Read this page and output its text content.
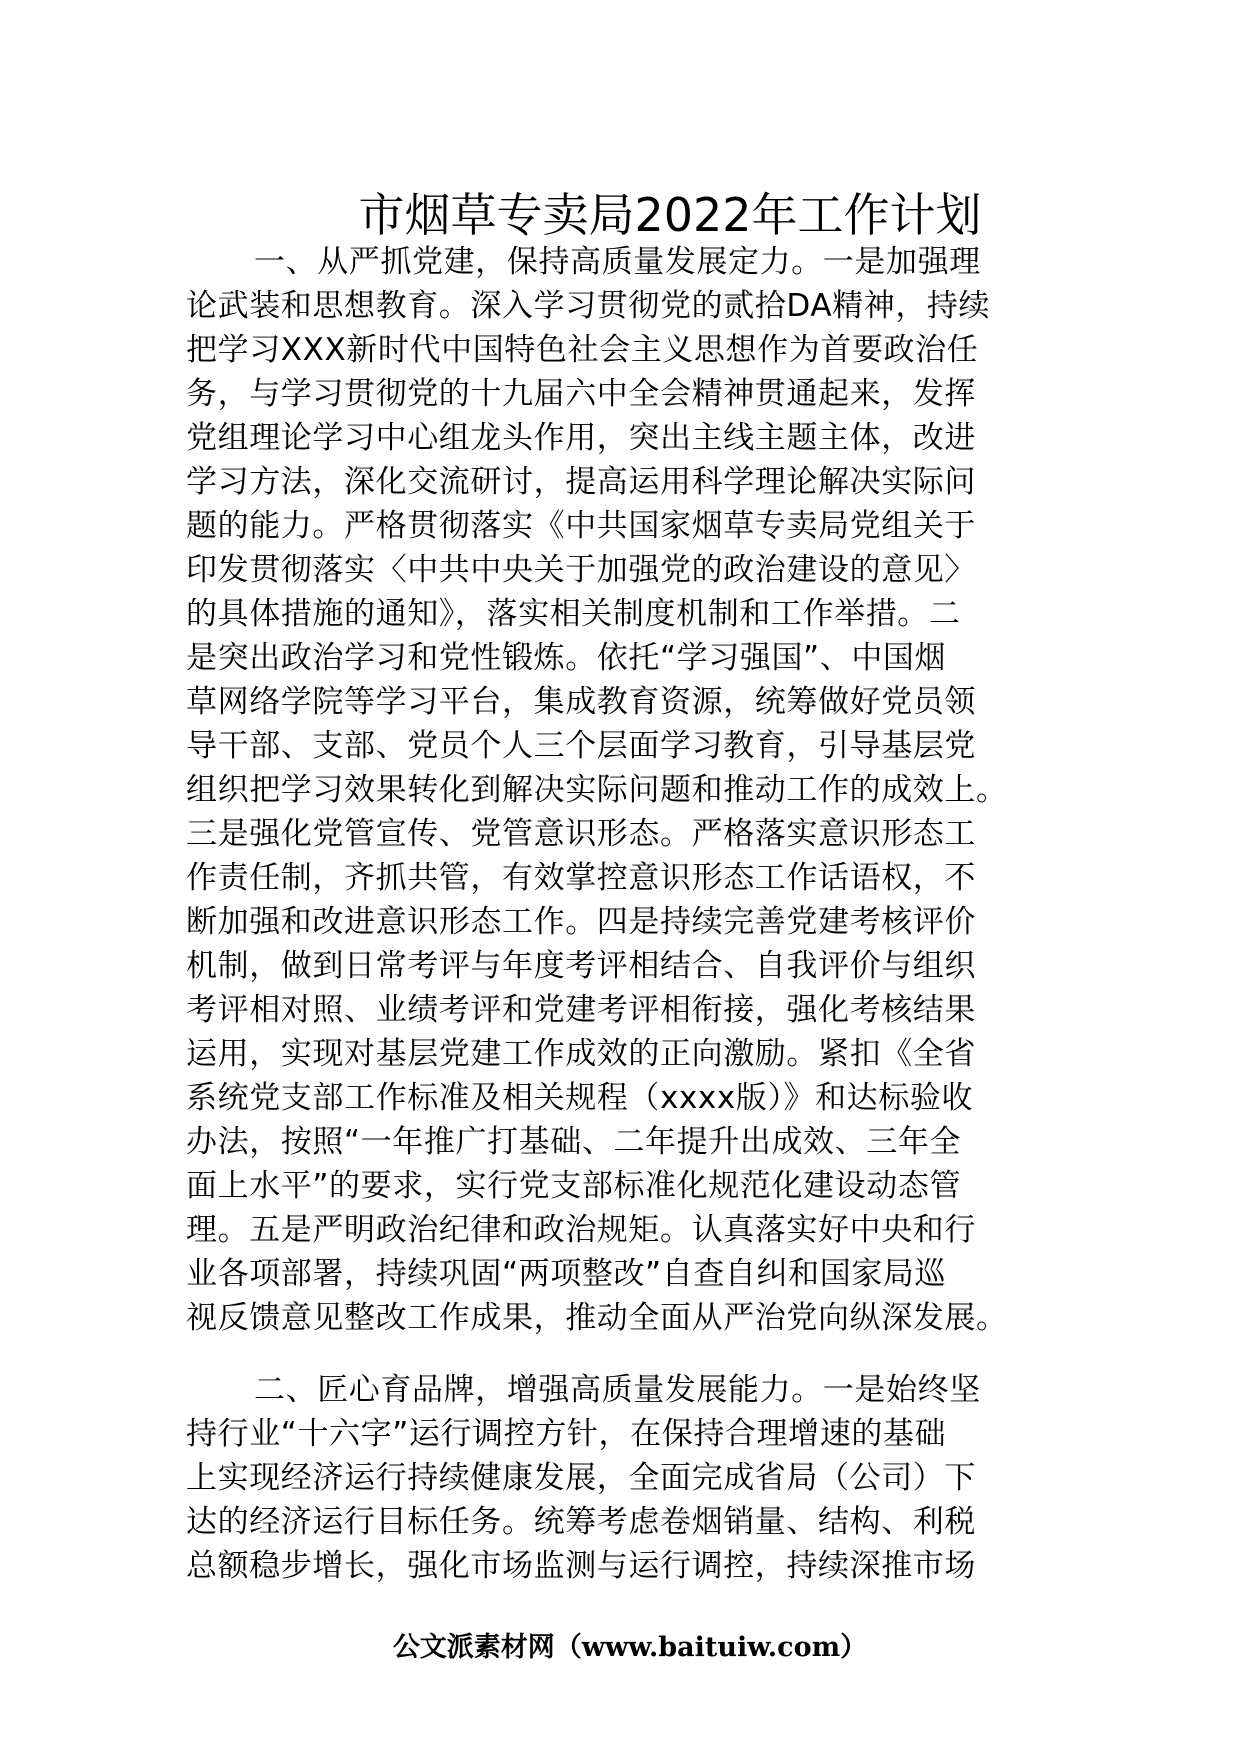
市烟草专卖局2022年工作计划
一、从严抓党建，保持高质量发展定力。一是加强理
论武装和思想教育。深入学习贯彻党的贰拾DA精神，持续
把学习XXX新时代中国特色社会主义思想作为首要政治任
务，与学习贯彻党的十九届六中全会精神贯通起来，发挥
党组理论学习中心组龙头作用，突出主线主题主体，改进
学习方法，深化交流研讨，提高运用科学理论解决实际问
题的能力。严格贯彻落实《中共国家烟草专卖局党组关于
印发贯彻落实〈中共中央关于加强党的政治建设的意见〉
的具体措施的通知》，落实相关制度机制和工作举措。二
是突出政治学习和党性锻炼。依托“学习强国”、中国烟
草网络学院等学习平台，集成教育资源，统筹做好党员领
导干部、支部、党员个人三个层面学习教育，引导基层党
组织把学习效果转化到解决实际问题和推动工作的成效上。
三是强化党管宣传、党管意识形态。严格落实意识形态工
作责任制，齐抓共管，有效掌控意识形态工作话语权，不
断加强和改进意识形态工作。四是持续完善党建考核评价
机制，做到日常考评与年度考评相结合、自我评价与组织
考评相对照、业绩考评和党建考评相衔接，强化考核结果
运用，实现对基层党建工作成效的正向激励。紧扣《全省
系统党支部工作标准及相关规程（xxxx版）》和达标验收
办法，按照“一年推广打基础、二年提升出成效、三年全
面上水平”的要求，实行党支部标准化规范化建设动态管
理。五是严明政治纪律和政治规矩。认真落实好中央和行
业各项部署，持续巩固“两项整改”自查自纠和国家局巡
视反馈意见整改工作成果，推动全面从严治党向纵深发展。
二、匠心育品牌，增强高质量发展能力。一是始终坚
持行业“十六字”运行调控方针，在保持合理增速的基础
上实现经济运行持续健康发展，全面完成省局（公司）下
达的经济运行目标任务。统筹考虑卷烟销量、结构、利税
总额稳步增长，强化市场监测与运行调控，持续深推市场
公文派素材网（www.baituiw.com）
